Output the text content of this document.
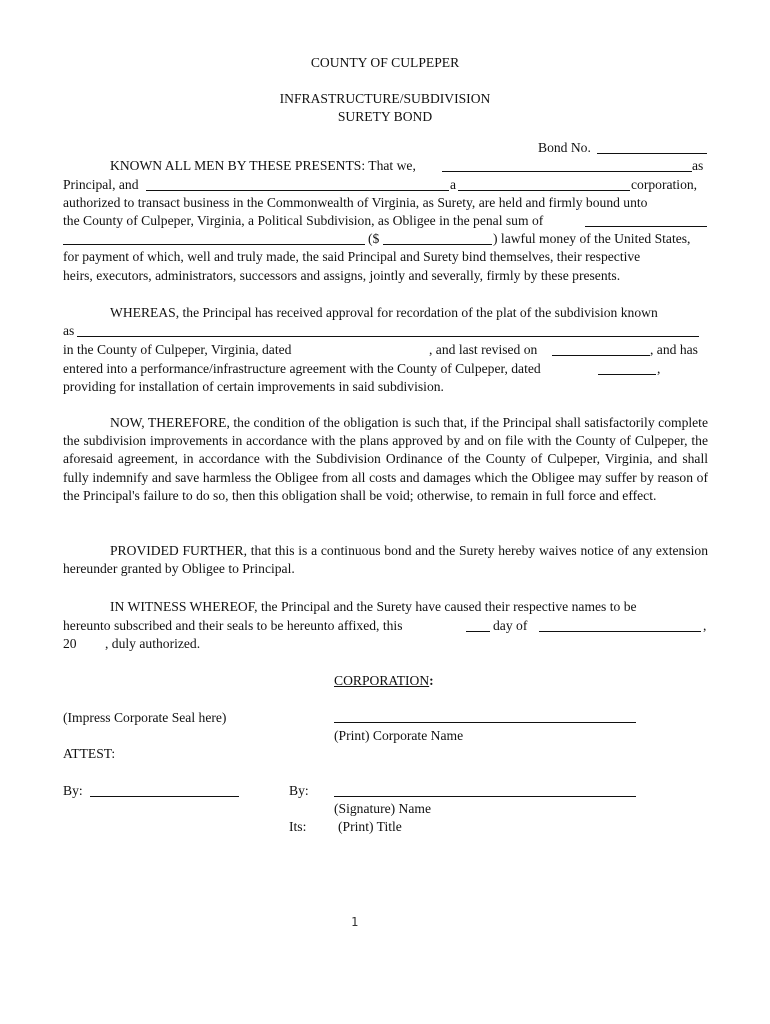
COUNTY OF CULPEPER
INFRASTRUCTURE/SUBDIVISION
SURETY BOND
Bond No.
KNOWN ALL MEN BY THESE PRESENTS: That we,	as
Principal, and	a	corporation,
authorized to transact business in the Commonwealth of Virginia, as Surety, are held and firmly bound unto
the County of Culpeper, Virginia, a Political Subdivision, as Obligee in the penal sum of
($	) lawful money of the United States,
for payment of which, well and truly made, the said Principal and Surety bind themselves, their respective
heirs, executors, administrators, successors and assigns, jointly and severally, firmly by these presents.
WHEREAS, the Principal has received approval for recordation of the plat of the subdivision known
as
in the County of Culpeper, Virginia, dated	, and last revised on	, and has
entered into a performance/infrastructure agreement with the County of Culpeper, dated	,
providing for installation of certain improvements in said subdivision.
NOW, THEREFORE, the condition of the obligation is such that, if the Principal shall satisfactorily complete the subdivision improvements in accordance with the plans approved by and on file with the County of Culpeper, the aforesaid agreement, in accordance with the Subdivision Ordinance of the County of Culpeper, Virginia, and shall fully indemnify and save harmless the Obligee from all costs and damages which the Obligee may suffer by reason of the Principal's failure to do so, then this obligation shall be void; otherwise, to remain in full force and effect.
PROVIDED FURTHER, that this is a continuous bond and the Surety hereby waives notice of any extension hereunder granted by Obligee to Principal.
IN WITNESS WHEREOF, the Principal and the Surety have caused their respective names to be
hereunto subscribed and their seals to be hereunto affixed, this	day of	,
20 , duly authorized.
CORPORATION:
(Impress Corporate Seal here)
(Print) Corporate Name
ATTEST:
By:	By:
(Signature) Name
Its: (Print) Title
1
